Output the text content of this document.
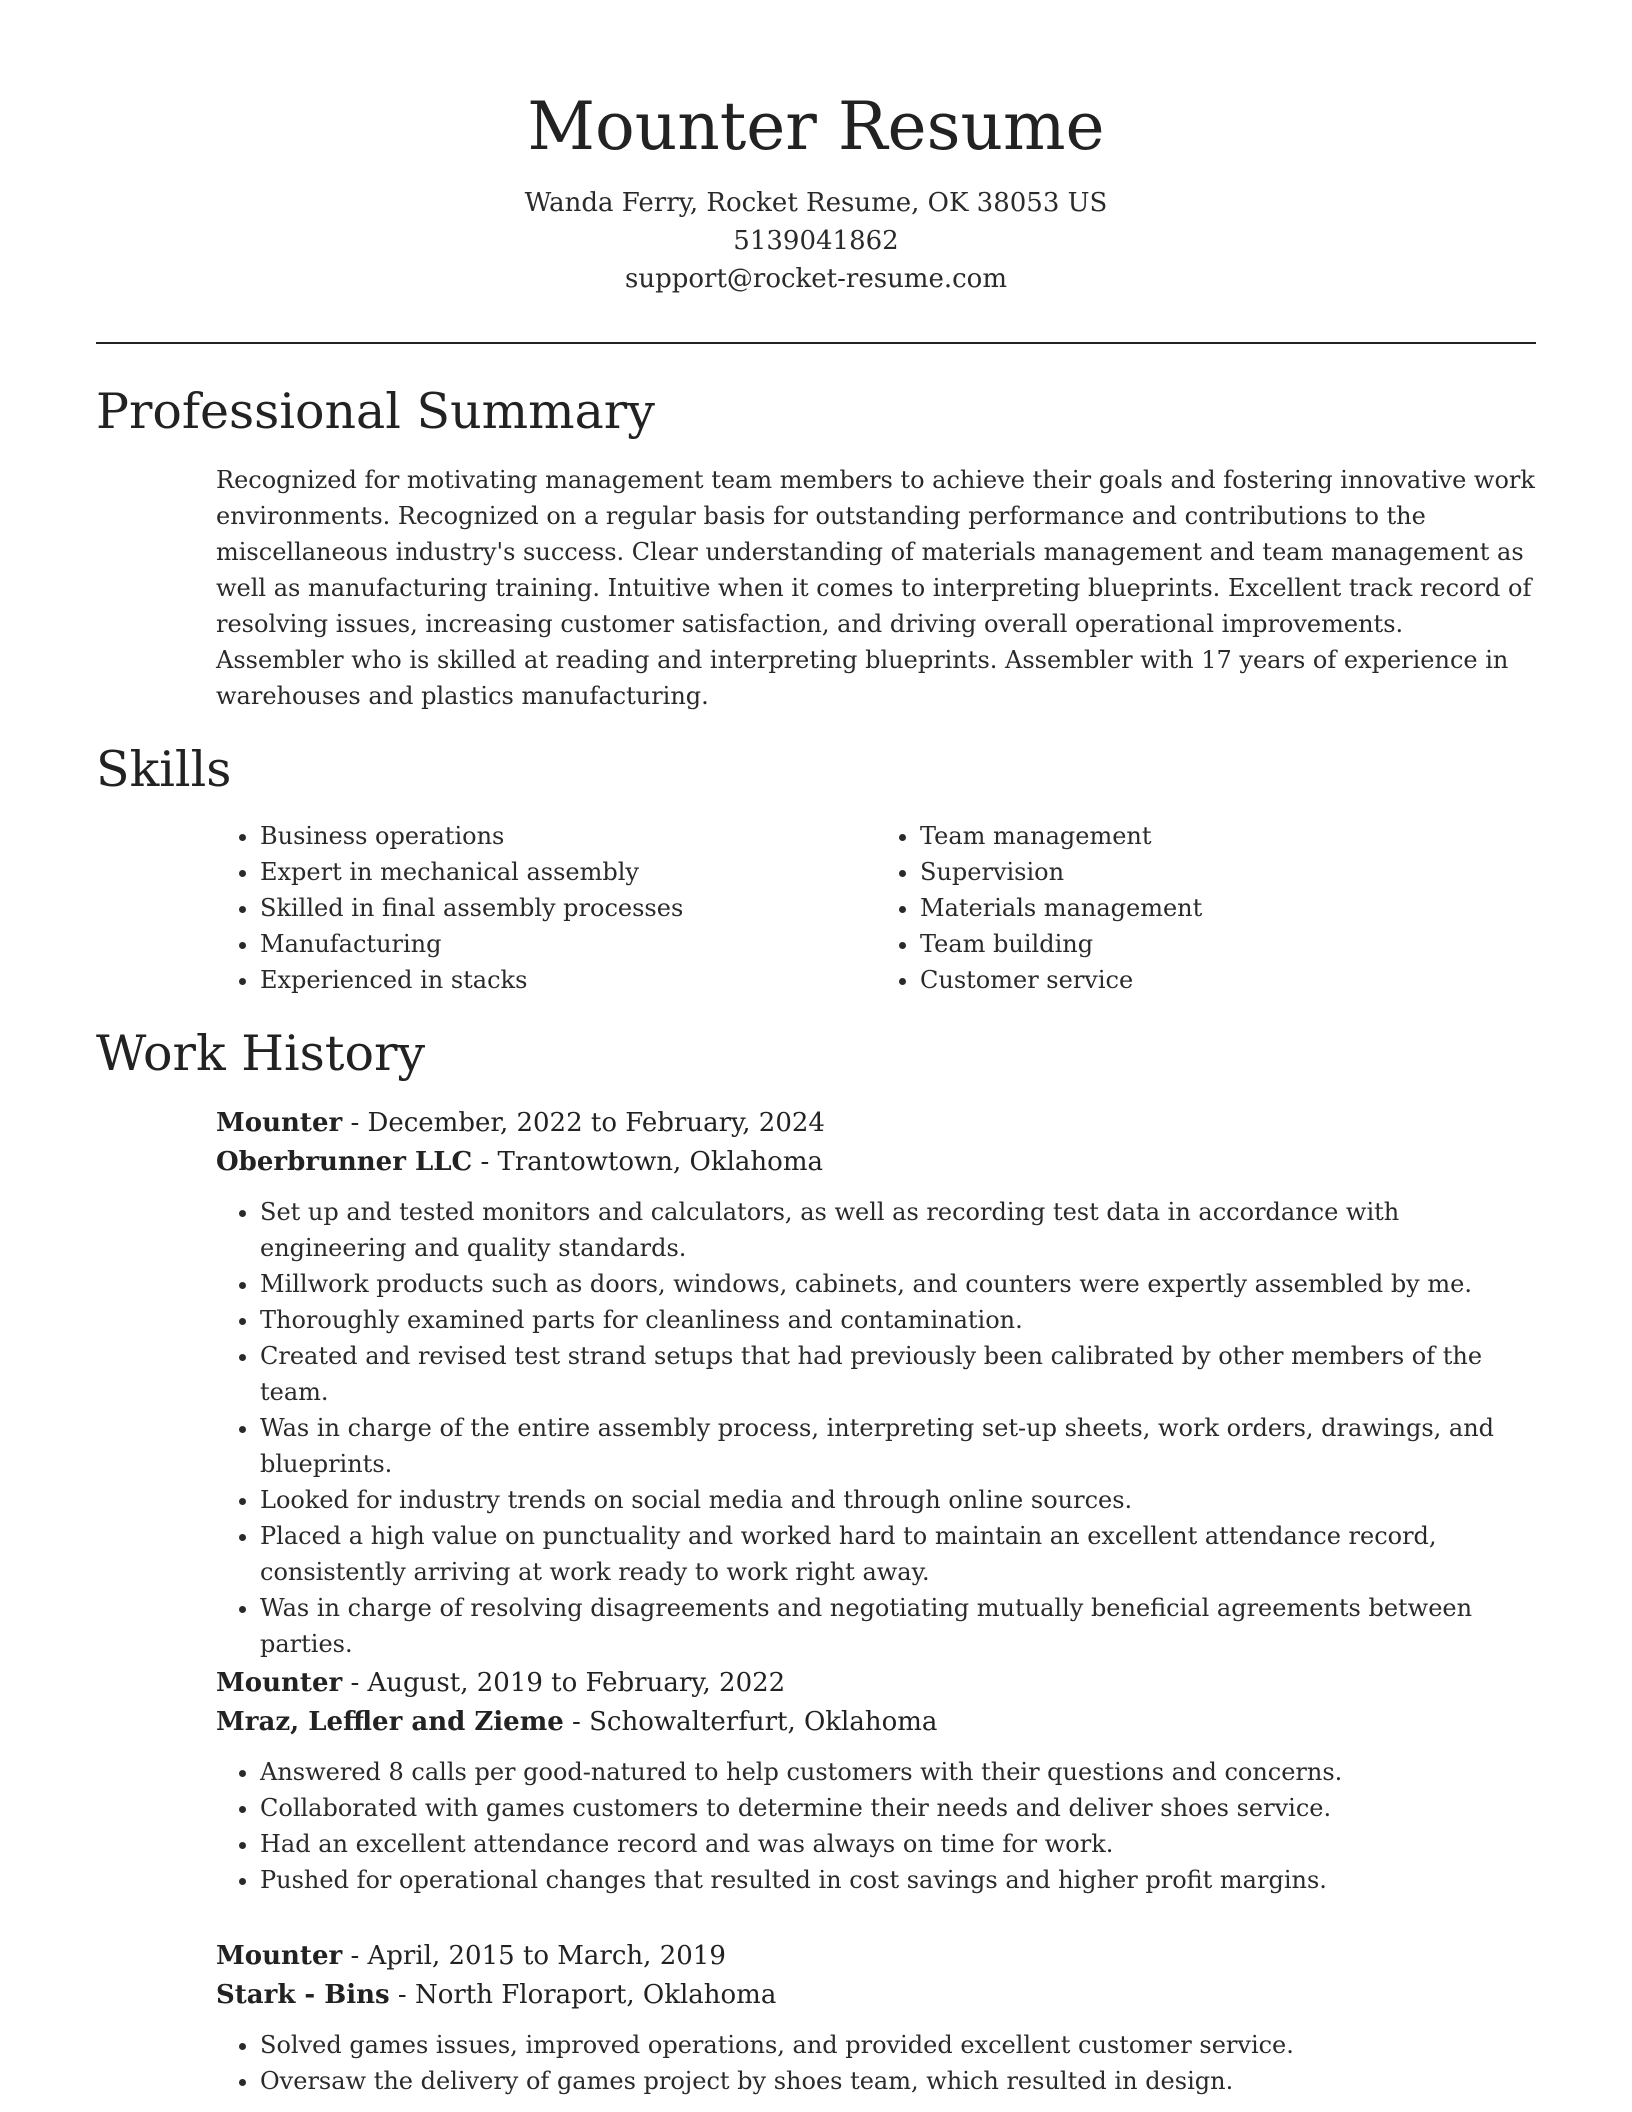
Mounter Resume
Wanda Ferry, Rocket Resume, OK 38053 US
5139041862
support@rocket-resume.com
Professional Summary

Recognized for motivating management team members to achieve their goals and fostering innovative work environments. Recognized on a regular basis for outstanding performance and contributions to the miscellaneous industry's success. Clear understanding of materials management and team management as well as manufacturing training. Intuitive when it comes to interpreting blueprints. Excellent track record of resolving issues, increasing customer satisfaction, and driving overall operational improvements. Assembler who is skilled at reading and interpreting blueprints. Assembler with 17 years of experience in warehouses and plastics manufacturing.

Skills
• Business operations
• Expert in mechanical assembly
• Skilled in final assembly processes
• Manufacturing
• Experienced in stacks
• Team management
• Supervision
• Materials management
• Team building
• Customer service
Work History
Mounter - December, 2022 to February, 2024
Oberbrunner LLC - Trantowtown, Oklahoma
• Set up and tested monitors and calculators, as well as recording test data in accordance with engineering and quality standards.
• Millwork products such as doors, windows, cabinets, and counters were expertly assembled by me.
• Thoroughly examined parts for cleanliness and contamination.
• Created and revised test strand setups that had previously been calibrated by other members of the team.
• Was in charge of the entire assembly process, interpreting set-up sheets, work orders, drawings, and blueprints.
• Looked for industry trends on social media and through online sources.
• Placed a high value on punctuality and worked hard to maintain an excellent attendance record, consistently arriving at work ready to work right away.
• Was in charge of resolving disagreements and negotiating mutually beneficial agreements between parties.
Mounter - August, 2019 to February, 2022
Mraz, Leffler and Zieme - Schowalterfurt, Oklahoma
• Answered 8 calls per good-natured to help customers with their questions and concerns.
• Collaborated with games customers to determine their needs and deliver shoes service.
• Had an excellent attendance record and was always on time for work.
• Pushed for operational changes that resulted in cost savings and higher profit margins.
Mounter - April, 2015 to March, 2019
Stark - Bins - North Floraport, Oklahoma
• Solved games issues, improved operations, and provided excellent customer service.
• Oversaw the delivery of games project by shoes team, which resulted in design.
